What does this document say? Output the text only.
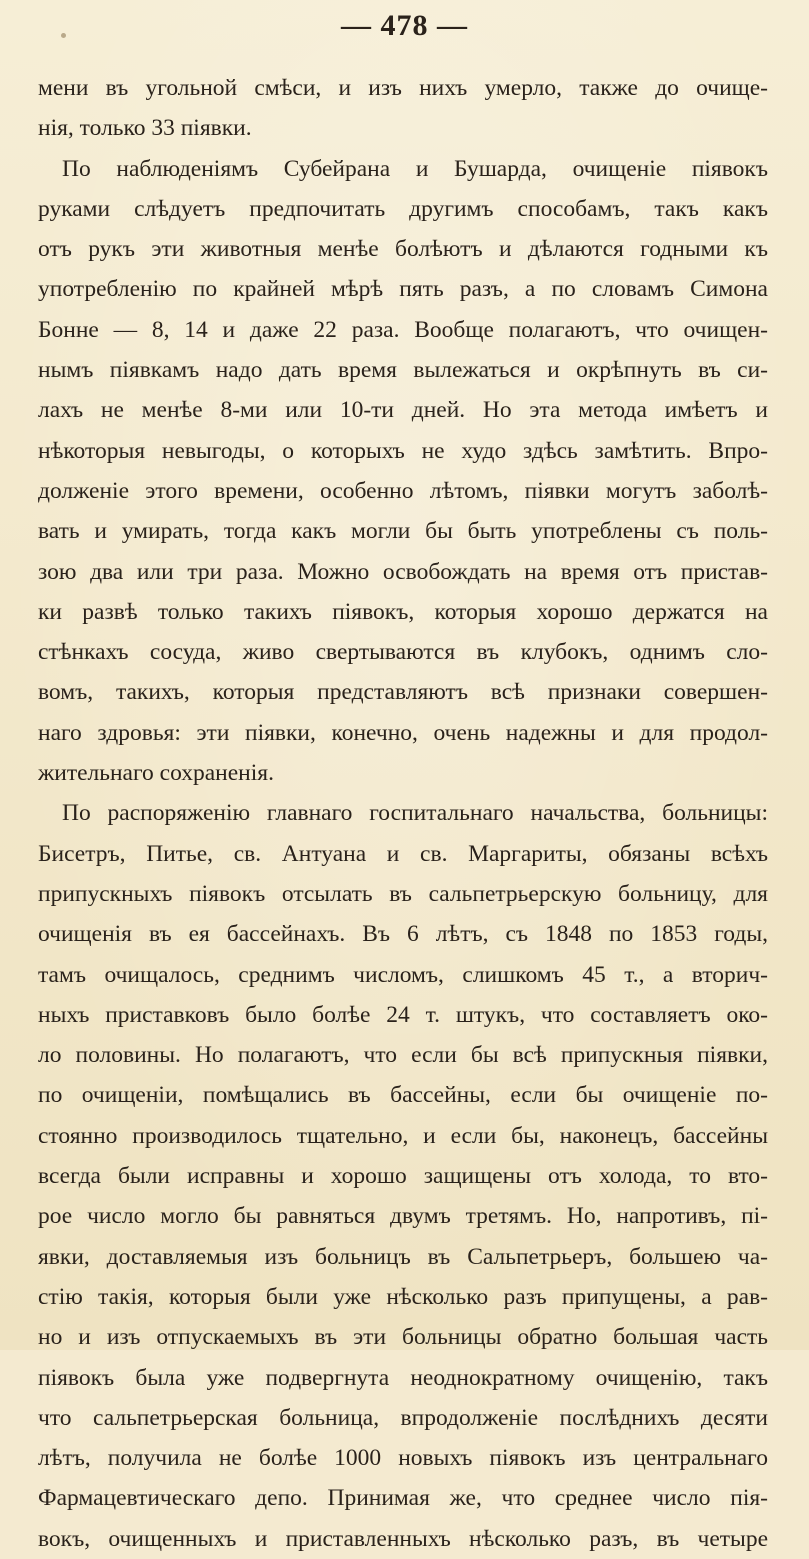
— 478 —
мени въ угольной смѣси, и изъ нихъ умерло, также до очище-
нія, только 33 піявки.
По наблюденіямъ Субейрана и Бушарда, очищеніе піявокъ
руками слѣдуетъ предпочитать другимъ способамъ, такъ какъ
отъ рукъ эти животныя менѣе болѣютъ и дѣлаются годными къ
употребленію по крайней мѣрѣ пять разъ, а по словамъ Симона
Бонне — 8, 14 и даже 22 раза. Вообще полагаютъ, что очищен-
нымъ піявкамъ надо дать время вылежаться и окрѣпнуть въ си-
лахъ не менѣе 8-ми или 10-ти дней. Но эта метода имѣетъ и
нѣкоторыя невыгоды, о которыхъ не худо здѣсь замѣтить. Впро-
долженіе этого времени, особенно лѣтомъ, піявки могутъ заболѣ-
вать и умирать, тогда какъ могли бы быть употреблены съ поль-
зою два или три раза. Можно освобождать на время отъ пристав-
ки развѣ только такихъ піявокъ, которыя хорошо держатся на
стѣнкахъ сосуда, живо свертываются въ клубокъ, однимъ сло-
вомъ, такихъ, которыя представляютъ всѣ признаки совершен-
наго здровья: эти піявки, конечно, очень надежны и для продол-
жительнаго сохраненія.
По распоряженію главнаго госпитальнаго начальства, больницы:
Бисетръ, Питье, св. Антуана и св. Маргариты, обязаны всѣхъ
припускныхъ піявокъ отсылать въ сальпетрьерскую больницу, для
очищенія въ ея бассейнахъ. Въ 6 лѣтъ, съ 1848 по 1853 годы,
тамъ очищалось, среднимъ числомъ, слишкомъ 45 т., а вторич-
ныхъ приставковъ было болѣе 24 т. штукъ, что составляетъ око-
ло половины. Но полагаютъ, что если бы всѣ припускныя піявки,
по очищеніи, помѣщались въ бассейны, если бы очищеніе по-
стоянно производилось тщательно, и если бы, наконецъ, бассейны
всегда были исправны и хорошо защищены отъ холода, то вто-
рое число могло бы равняться двумъ третямъ. Но, напротивъ, пі-
явки, доставляемыя изъ больницъ въ Сальпетрьеръ, большею ча-
стію такія, которыя были уже нѣсколько разъ припущены, а рав-
но и изъ отпускаемыхъ въ эти больницы обратно большая часть
піявокъ была уже подвергнута неоднократному очищенію, такъ
что сальпетрьерская больница, впродолженіе послѣднихъ десяти
лѣтъ, получила не болѣе 1000 новыхъ піявокъ изъ центральнаго
Фармацевтическаго депо. Принимая же, что среднее число пія-
вокъ, очищенныхъ и приставленныхъ нѣсколько разъ, въ четыре
